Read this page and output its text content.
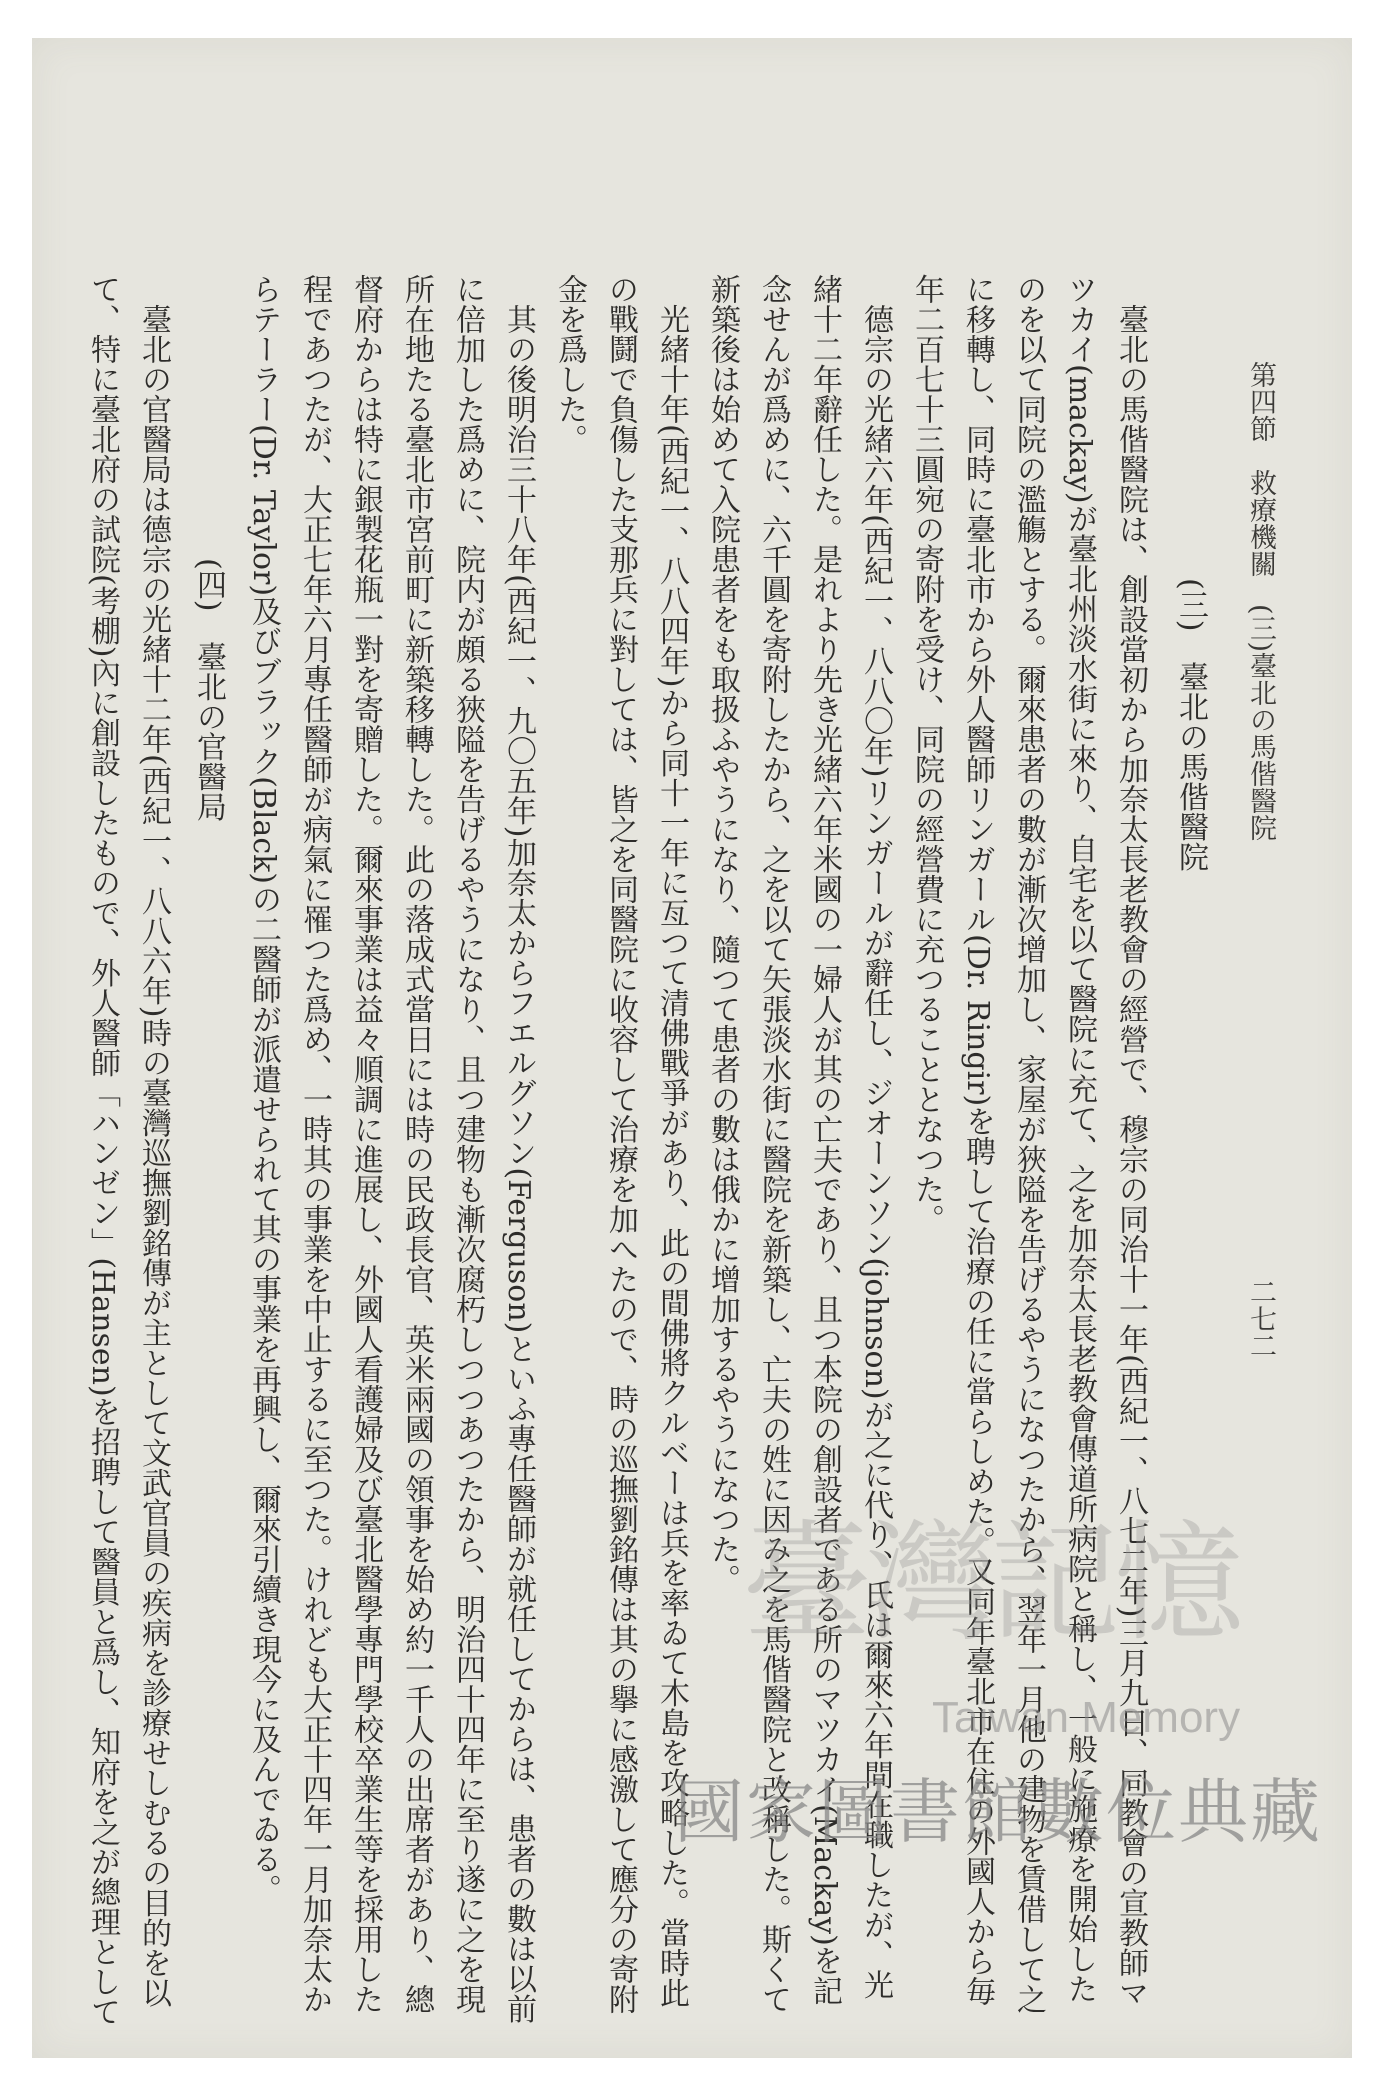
第四節　救療機關　(三)臺北の馬偕醫院
二七二
(三)　臺北の馬偕醫院
　臺北の馬偕醫院は、創設當初から加奈太長老教會の經營で、穆宗の同治十一年(西紀一、八七二年)三月九日、同教會の宣教師マ
ツカイ(mackay)が臺北州淡水街に來り、自宅を以て醫院に充て、之を加奈太長老教會傳道所病院と稱し、一般に施療を開始した
のを以て同院の濫觴とする。爾來患者の數が漸次增加し、家屋が狹隘を告げるやうになつたから、翌年一月他の建物を賃借して之
に移轉し、同時に臺北市から外人醫師リンガール(Dr. Ringir)を聘して治療の任に當らしめた。又同年臺北市在住の外國人から毎
年二百七十三圓宛の寄附を受け、同院の經營費に充つることとなつた。
　德宗の光緒六年(西紀一、八八〇年)リンガールが辭任し、ジオーンソン(johnson)が之に代り、氏は爾來六年間在職したが、光
緒十二年辭任した。是れより先き光緒六年米國の一婦人が其の亡夫であり、且つ本院の創設者である所のマツカイ(Mackay)を記
念せんが爲めに、六千圓を寄附したから、之を以て矢張淡水街に醫院を新築し、亡夫の姓に因み之を馬偕醫院と改稱した。斯くて
新築後は始めて入院患者をも取扱ふやうになり、隨つて患者の數は俄かに增加するやうになつた。
　光緒十年(西紀一、八八四年)から同十一年に亙つて清佛戰爭があり、此の間佛將クルベーは兵を率ゐて木島を攻略した。當時此
の戰鬪で負傷した支那兵に對しては、皆之を同醫院に收容して治療を加へたので、時の巡撫劉銘傳は其の擧に感激して應分の寄附
金を爲した。
　其の後明治三十八年(西紀一、九〇五年)加奈太からフエルグソン(Ferguson)といふ專任醫師が就任してからは、患者の數は以前
に倍加した爲めに、院内が頗る狹隘を告げるやうになり、且つ建物も漸次腐朽しつつあつたから、明治四十四年に至り遂に之を現
所在地たる臺北市宮前町に新築移轉した。此の落成式當日には時の民政長官、英米兩國の領事を始め約一千人の出席者があり、總
督府からは特に銀製花瓶一對を寄贈した。爾來事業は益々順調に進展し、外國人看護婦及び臺北醫學專門學校卒業生等を採用した
程であつたが、大正七年六月專任醫師が病氣に罹つた爲め、一時其の事業を中止するに至つた。けれども大正十四年一月加奈太か
らテーラー(Dr. Taylor)及びブラック(Black)の二醫師が派遣せられて其の事業を再興し、爾來引續き現今に及んでゐる。
(四)　臺北の官醫局
　臺北の官醫局は德宗の光緒十二年(西紀一、八八六年)時の臺灣巡撫劉銘傳が主として文武官員の疾病を診療せしむるの目的を以
て、特に臺北府の試院(考棚)內に創設したもので、外人醫師「ハンゼン」(Hansen)を招聘して醫員と爲し、知府を之が總理として	臺灣記憶
Taiwan Memory
國家圖書館數位典藏
